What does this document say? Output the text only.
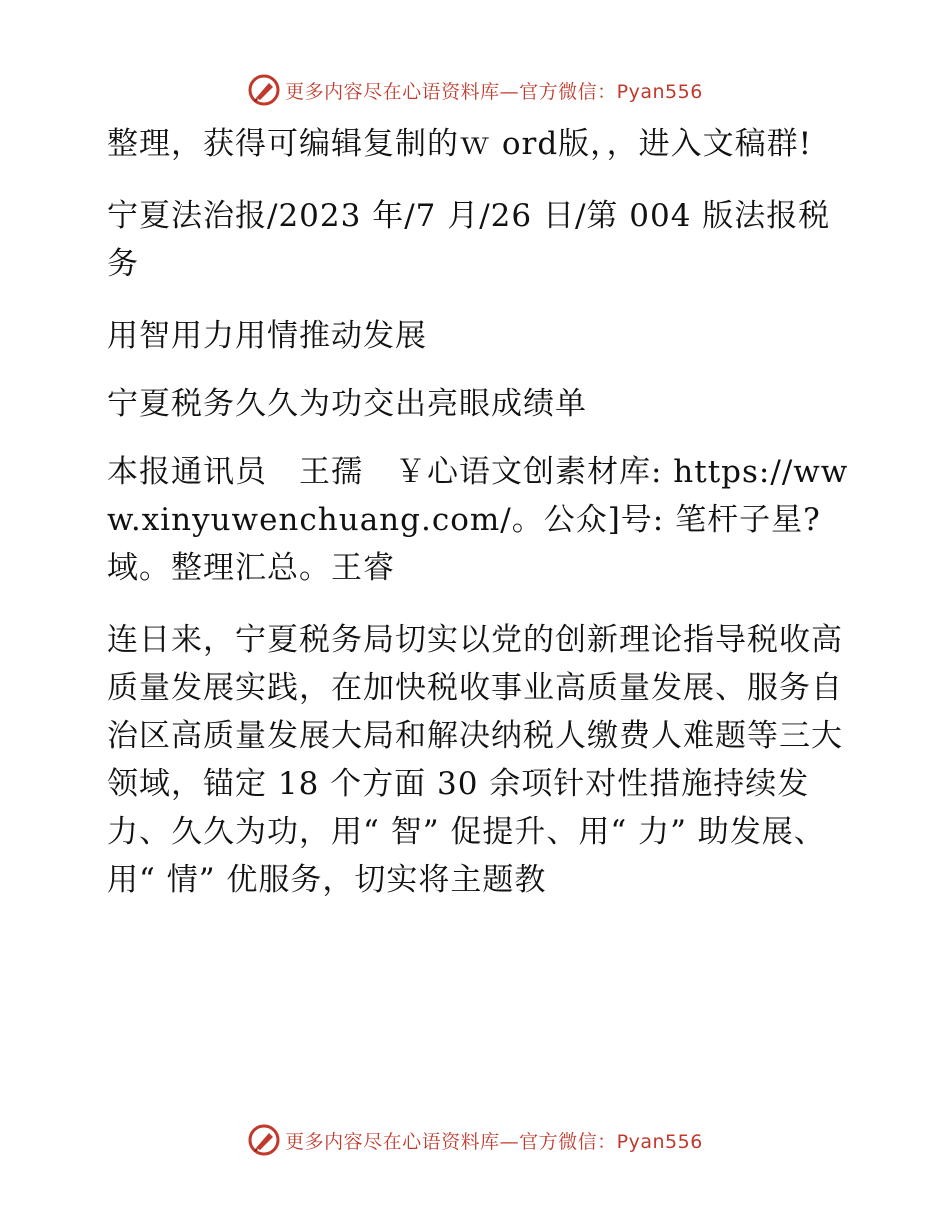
更多内容尽在心语资料库—官方微信：Pyan556

整理，获得可编辑复制的ｗ ord版，，进入文稿群!

宁夏法治报/2023 年/7 月/26 日/第 004 版法报税务

用智用力用情推动发展

宁夏税务久久为功交出亮眼成绩单

本报通讯员　王孺　￥心语文创素材库: https://www.xinyuwenchuang.com/。公众]号: 笔杆子星?域。整理汇总。王睿

连日来，宁夏税务局切实以党的创新理论指导税收高质量发展实践，在加快税收事业高质量发展、服务自治区高质量发展大局和解决纳税人缴费人难题等三大领域，锚定 18 个方面 30 余项针对性措施持续发力、久久为功，用“ 智” 促提升、用“ 力” 助发展、用“ 情” 优服务，切实将主题教

更多内容尽在心语资料库—官方微信：Pyan556
